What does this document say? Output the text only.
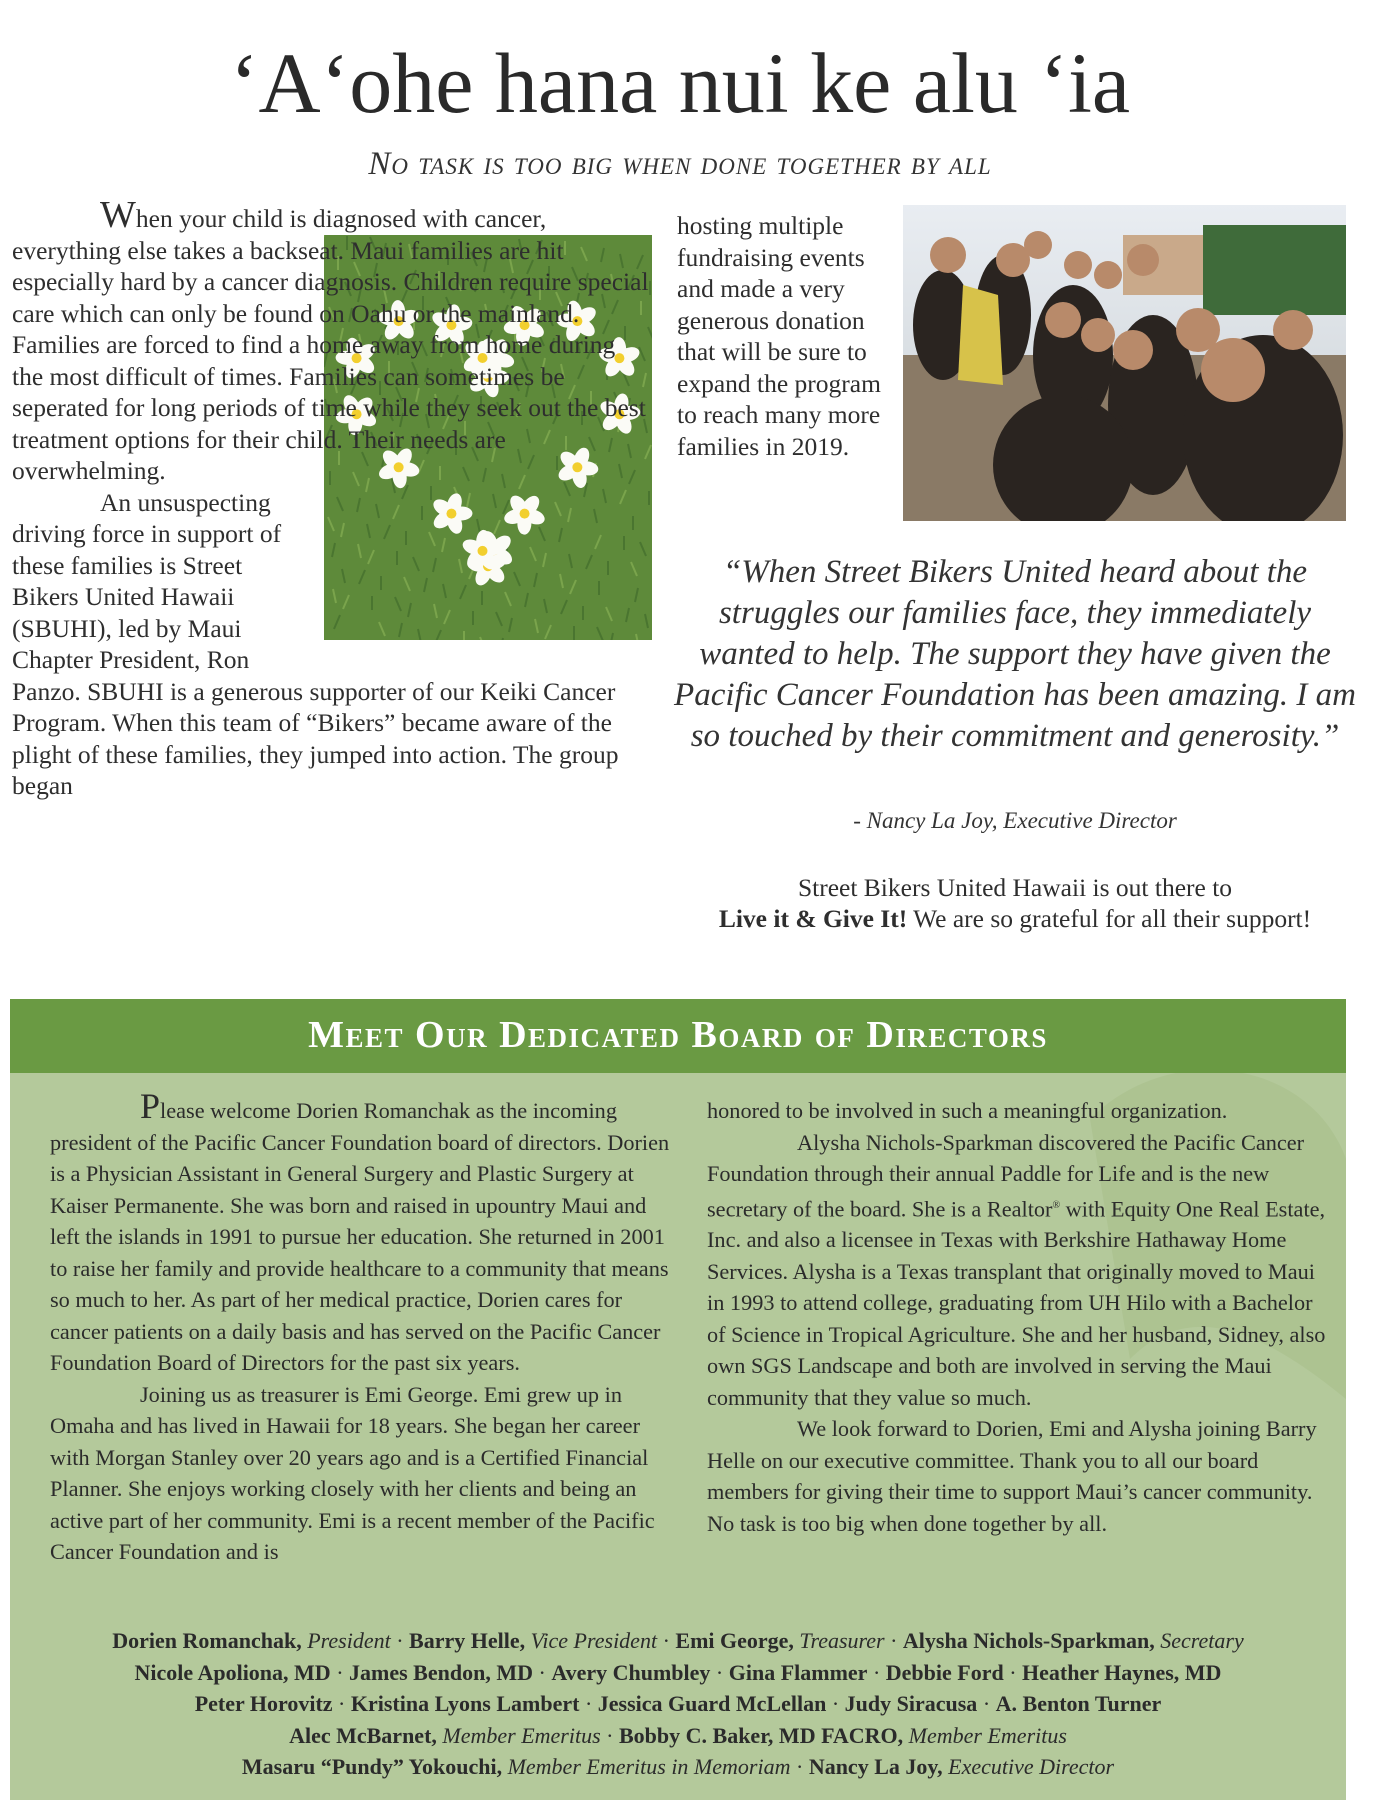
ʻAʻohe hana nui ke alu ʻia
No task is too big when done together by all

When your child is diagnosed with cancer, everything else takes a backseat. Maui families are hit especially hard by a cancer diagnosis. Children require special care which can only be found on Oahu or the mainland. Families are forced to find a home away from home during the most difficult of times. Families can sometimes be seperated for long periods of time while they seek out the best treatment options for their child. Their needs are overwhelming.

An unsuspecting driving force in support of these families is Street Bikers United Hawaii (SBUHI), led by Maui Chapter President, Ron Panzo. SBUHI is a generous supporter of our Keiki Cancer Program. When this team of “Bikers” became aware of the plight of these families, they jumped into action. The group began

hosting multiple fundraising events and made a very generous donation that will be sure to expand the program to reach many more families in 2019.
“When Street Bikers United heard about the struggles our families face, they immediately wanted to help. The support they have given the Pacific Cancer Foundation has been amazing. I am so touched by their commitment and generosity.”
- Nancy La Joy, Executive Director
Street Bikers United Hawaii is out there to
Live it & Give It! We are so grateful for all their support!
Meet Our Dedicated Board of Directors

Please welcome Dorien Romanchak as the incoming president of the Pacific Cancer Foundation board of directors. Dorien is a Physician Assistant in General Surgery and Plastic Surgery at Kaiser Permanente. She was born and raised in upountry Maui and left the islands in 1991 to pursue her education. She returned in 2001 to raise her family and provide healthcare to a community that means so much to her. As part of her medical practice, Dorien cares for cancer patients on a daily basis and has served on the Pacific Cancer Foundation Board of Directors for the past six years.

Joining us as treasurer is Emi George. Emi grew up in Omaha and has lived in Hawaii for 18 years. She began her career with Morgan Stanley over 20 years ago and is a Certified Financial Planner. She enjoys working closely with her clients and being an active part of her community. Emi is a recent member of the Pacific Cancer Foundation and is

honored to be involved in such a meaningful organization.

Alysha Nichols-Sparkman discovered the Pacific Cancer Foundation through their annual Paddle for Life and is the new secretary of the board. She is a Realtor® with Equity One Real Estate, Inc. and also a licensee in Texas with Berkshire Hathaway Home Services. Alysha is a Texas transplant that originally moved to Maui in 1993 to attend college, graduating from UH Hilo with a Bachelor of Science in Tropical Agriculture. She and her husband, Sidney, also own SGS Landscape and both are involved in serving the Maui community that they value so much.

We look forward to Dorien, Emi and Alysha joining Barry Helle on our executive committee. Thank you to all our board members for giving their time to support Maui’s cancer community. No task is too big when done together by all.

Dorien Romanchak, President · Barry Helle, Vice President · Emi George, Treasurer · Alysha Nichols-Sparkman, Secretary
Nicole Apoliona, MD · James Bendon, MD · Avery Chumbley · Gina Flammer · Debbie Ford · Heather Haynes, MD
Peter Horovitz · Kristina Lyons Lambert · Jessica Guard McLellan · Judy Siracusa · A. Benton Turner
Alec McBarnet, Member Emeritus · Bobby C. Baker, MD FACRO, Member Emeritus
Masaru “Pundy” Yokouchi, Member Emeritus in Memoriam · Nancy La Joy, Executive Director
